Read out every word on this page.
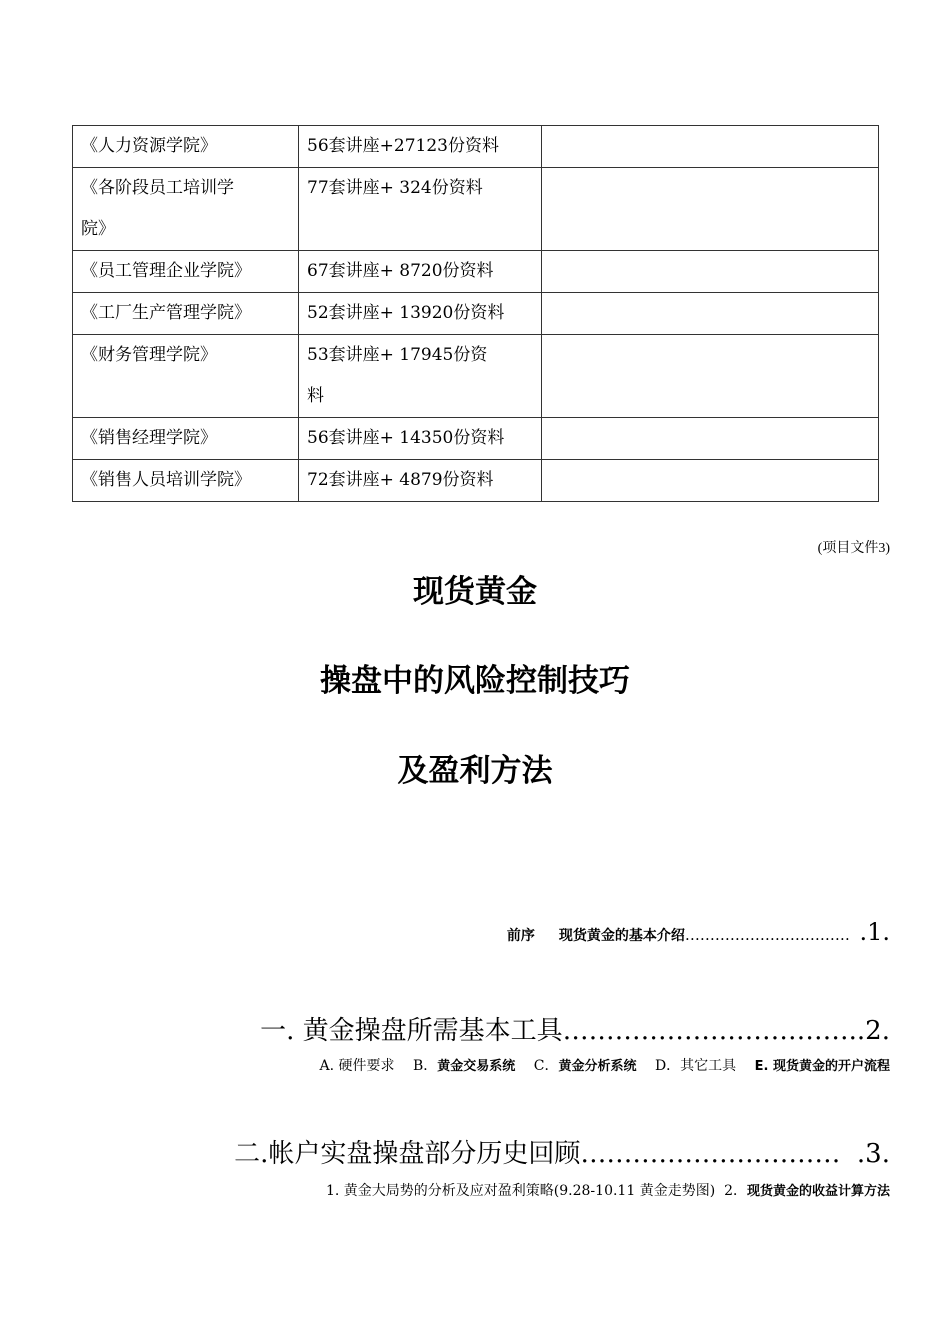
《人力资源学院》	56套讲座+27123份资料	
《各阶段员工培训学院》	77套讲座+ 324份资料	
《员工管理企业学院》	67套讲座+ 8720份资料	
《工厂生产管理学院》	52套讲座+ 13920份资料	
《财务管理学院》	53套讲座+ 17945份资料	
《销售经理学院》	56套讲座+ 14350份资料	
《销售人员培训学院》	72套讲座+ 4879份资料	
(项目文件3)
现货黄金
操盘中的风险控制技巧
及盈利方法
前序 现货黄金的基本介绍…………………………… .1.
一. 黄金操盘所需基本工具……………………………..2.
A. 硬件要求 B．黄金交易系统 C．黄金分析系统 D．其它工具 E. 现货黄金的开户流程
二.帐户实盘操盘部分历史回顾………………………… .3.
1. 黄金大局势的分析及应对盈利策略(9.28-10.11 黄金走势图) 2．现货黄金的收益计算方法
